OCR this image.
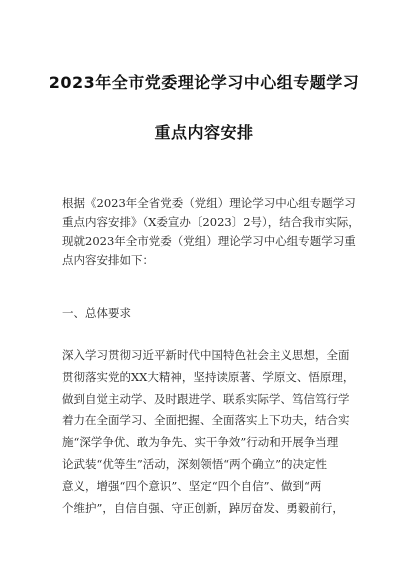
2023年全市党委理论学习中心组专题学习
重点内容安排
根据《2023年全省党委（党组）理论学习中心组专题学习
重点内容安排》（X委宣办〔2023〕2号），结合我市实际，
现就2023年全市党委（党组）理论学习中心组专题学习重
点内容安排如下：
一、总体要求
深入学习贯彻习近平新时代中国特色社会主义思想，全面
贯彻落实党的XX大精神，坚持读原著、学原文、悟原理，
做到自觉主动学、及时跟进学、联系实际学、笃信笃行学
着力在全面学习、全面把握、全面落实上下功夫，结合实
施“深学争优、敢为争先、实干争效”行动和开展争当理
论武装“优等生”活动，深刻领悟“两个确立”的决定性
意义，增强“四个意识”、坚定“四个自信”、做到“两
个维护”，自信自强、守正创新，踔厉奋发、勇毅前行，
